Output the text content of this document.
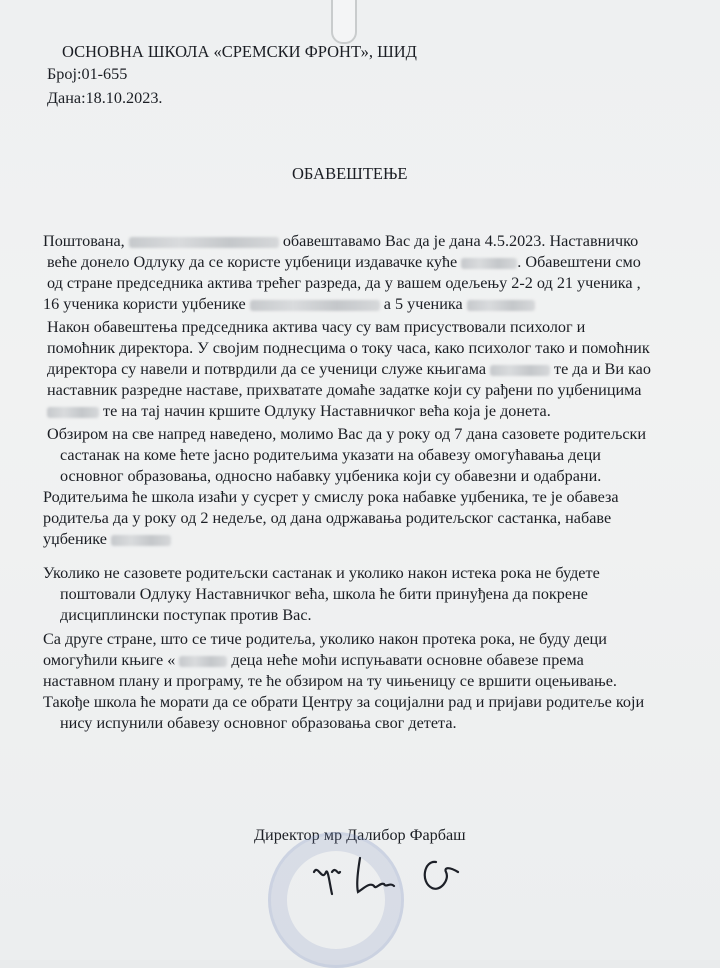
ОСНОВНА ШКОЛА «СРЕМСКИ ФРОНТ», ШИД
Број:01-655
Дана:18.10.2023.
ОБАВЕШТЕЊЕ
Поштована,	обавештавамо Вас да је дана 4.5.2023. Наставничко
веће донело Одлуку да се користе уџбеници издавачке куће	. Обавештени смо
од стране председника актива трећег разреда, да у вашем одељењу 2-2 од 21 ученика ,
16 ученика користи уџбенике	а 5 ученика
Након обавештења председника актива часу су вам присуствовали психолог и
помоћник директора. У својим поднесцима о току часа, како психолог тако и помоћник
директора су навели и потврдили да се ученици служе књигама	те да и Ви као
наставник разредне наставе, прихватате домаће задатке који су рађени по уџбеницима
те на тај начин кршите Одлуку Наставничког већа која је донета.
Обзиром на све напред наведено, молимо Вас да у року од 7 дана сазовете родитељски
састанак на коме ћете јасно родитељима указати на обавезу омогућавања деци
основног образовања, односно набавку уџбеника који су обавезни и одабрани.
Родитељима ће школа изаћи у сусрет у смислу рока набавке уџбеника, те је обавеза
родитеља да у року од 2 недеље, од дана одржавања родитељског састанка, набаве
уџбенике
Уколико не сазовете родитељски састанак и уколико након истека рока не будете
поштовали Одлуку Наставничког већа, школа ће бити принуђена да покрене
дисциплински поступак против Вас.
Са друге стране, што се тиче родитеља, уколико након протека рока, не буду деци
омогућили књиге «	деца неће моћи испуњавати основне обавезе према
наставном плану и програму, те ће обзиром на ту чињеницу се вршити оцењивање.
Такође школа ће морати да се обрати Центру за социјални рад и пријави родитеље који
нису испунили обавезу основног образовања свог детета.
Директор мр Далибор Фарбаш
